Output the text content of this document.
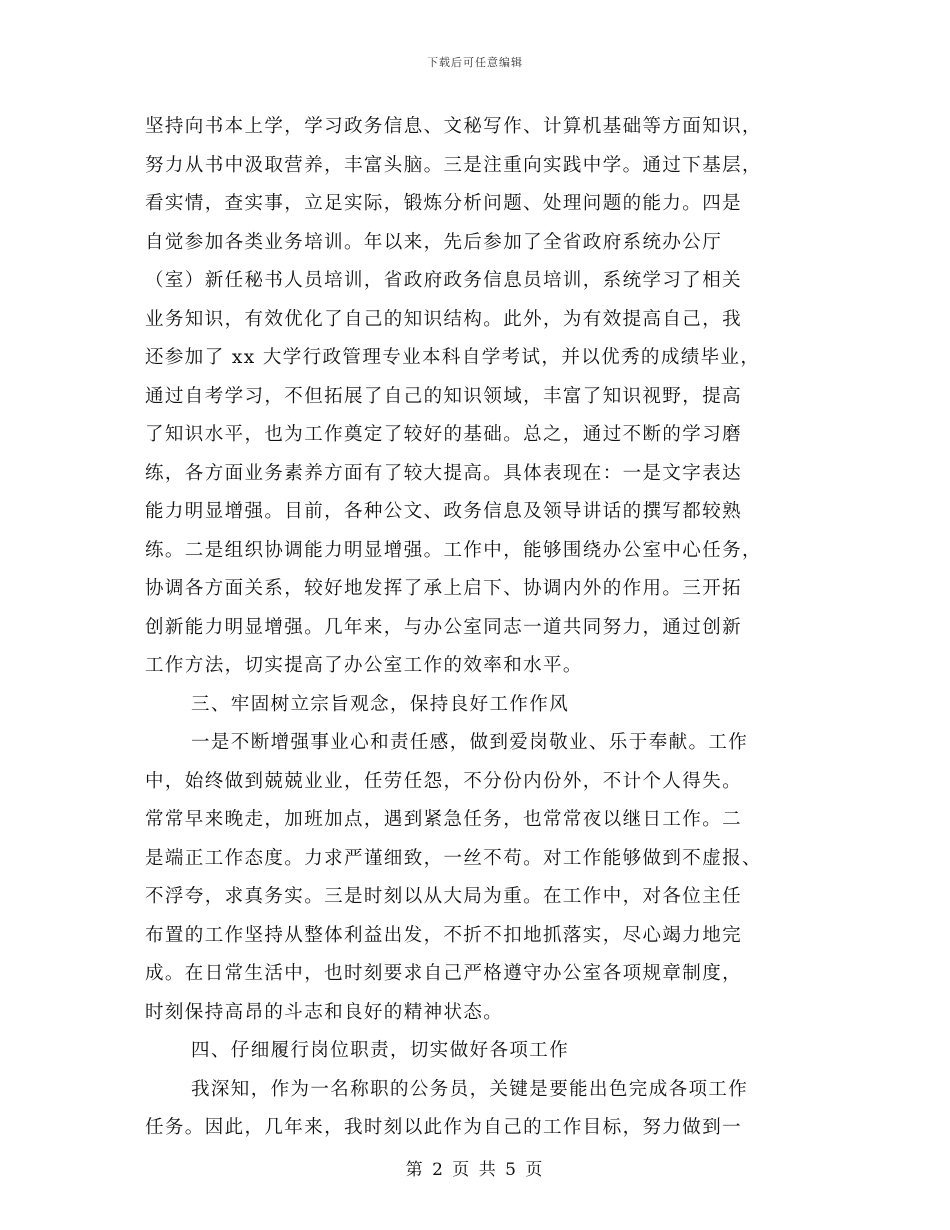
下载后可任意编辑
坚持向书本上学，学习政务信息、文秘写作、计算机基础等方面知识，
努力从书中汲取营养，丰富头脑。三是注重向实践中学。通过下基层，
看实情，查实事，立足实际，锻炼分析问题、处理问题的能力。四是
自觉参加各类业务培训。年以来，先后参加了全省政府系统办公厅
（室）新任秘书人员培训，省政府政务信息员培训，系统学习了相关
业务知识，有效优化了自己的知识结构。此外，为有效提高自己，我
还参加了 xx 大学行政管理专业本科自学考试，并以优秀的成绩毕业，
通过自考学习，不但拓展了自己的知识领域，丰富了知识视野，提高
了知识水平，也为工作奠定了较好的基础。总之，通过不断的学习磨
练，各方面业务素养方面有了较大提高。具体表现在：一是文字表达
能力明显增强。目前，各种公文、政务信息及领导讲话的撰写都较熟
练。二是组织协调能力明显增强。工作中，能够围绕办公室中心任务，
协调各方面关系，较好地发挥了承上启下、协调内外的作用。三开拓
创新能力明显增强。几年来，与办公室同志一道共同努力，通过创新
工作方法，切实提高了办公室工作的效率和水平。
三、牢固树立宗旨观念，保持良好工作作风
一是不断增强事业心和责任感，做到爱岗敬业、乐于奉献。工作
中，始终做到兢兢业业，任劳任怨，不分份内份外，不计个人得失。
常常早来晚走，加班加点，遇到紧急任务，也常常夜以继日工作。二
是端正工作态度。力求严谨细致，一丝不苟。对工作能够做到不虚报、
不浮夸，求真务实。三是时刻以从大局为重。在工作中，对各位主任
布置的工作坚持从整体利益出发，不折不扣地抓落实，尽心竭力地完
成。在日常生活中，也时刻要求自己严格遵守办公室各项规章制度，
时刻保持高昂的斗志和良好的精神状态。
四、仔细履行岗位职责，切实做好各项工作
我深知，作为一名称职的公务员，关键是要能出色完成各项工作
任务。因此，几年来，我时刻以此作为自己的工作目标，努力做到一
第 2 页 共 5 页
